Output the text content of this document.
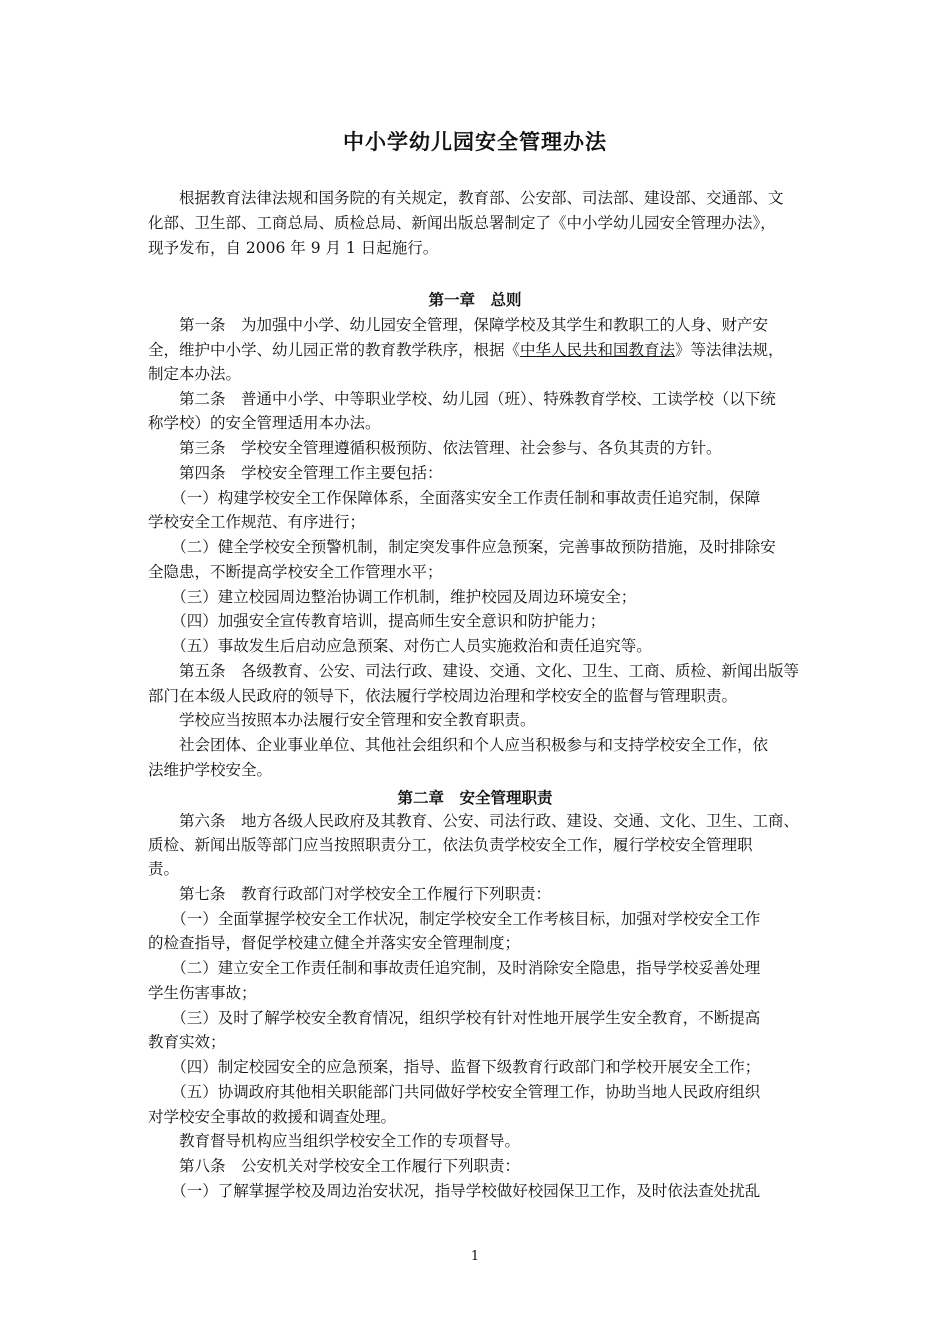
中小学幼儿园安全管理办法
　　根据教育法律法规和国务院的有关规定，教育部、公安部、司法部、建设部、交通部、文
化部、卫生部、工商总局、质检总局、新闻出版总署制定了《中小学幼儿园安全管理办法》，
现予发布，自 2006 年 9 月 1 日起施行。
第一章　总则
　　第一条　为加强中小学、幼儿园安全管理，保障学校及其学生和教职工的人身、财产安
全，维护中小学、幼儿园正常的教育教学秩序，根据《中华人民共和国教育法》等法律法规，
制定本办法。
　　第二条　普通中小学、中等职业学校、幼儿园（班）、特殊教育学校、工读学校（以下统
称学校）的安全管理适用本办法。
　　第三条　学校安全管理遵循积极预防、依法管理、社会参与、各负其责的方针。
　　第四条　学校安全管理工作主要包括：
　　（一）构建学校安全工作保障体系，全面落实安全工作责任制和事故责任追究制，保障
学校安全工作规范、有序进行；
　　（二）健全学校安全预警机制，制定突发事件应急预案，完善事故预防措施，及时排除安
全隐患，不断提高学校安全工作管理水平；
　　（三）建立校园周边整治协调工作机制，维护校园及周边环境安全；
　　（四）加强安全宣传教育培训，提高师生安全意识和防护能力；
　　（五）事故发生后启动应急预案、对伤亡人员实施救治和责任追究等。
　　第五条　各级教育、公安、司法行政、建设、交通、文化、卫生、工商、质检、新闻出版等
部门在本级人民政府的领导下，依法履行学校周边治理和学校安全的监督与管理职责。
　　学校应当按照本办法履行安全管理和安全教育职责。
　　社会团体、企业事业单位、其他社会组织和个人应当积极参与和支持学校安全工作，依
法维护学校安全。
第二章　安全管理职责
　　第六条　地方各级人民政府及其教育、公安、司法行政、建设、交通、文化、卫生、工商、
质检、新闻出版等部门应当按照职责分工，依法负责学校安全工作，履行学校安全管理职
责。
　　第七条　教育行政部门对学校安全工作履行下列职责：
　　（一）全面掌握学校安全工作状况，制定学校安全工作考核目标，加强对学校安全工作
的检查指导，督促学校建立健全并落实安全管理制度；
　　（二）建立安全工作责任制和事故责任追究制，及时消除安全隐患，指导学校妥善处理
学生伤害事故；
　　（三）及时了解学校安全教育情况，组织学校有针对性地开展学生安全教育，不断提高
教育实效；
　　（四）制定校园安全的应急预案，指导、监督下级教育行政部门和学校开展安全工作；
　　（五）协调政府其他相关职能部门共同做好学校安全管理工作，协助当地人民政府组织
对学校安全事故的救援和调查处理。
　　教育督导机构应当组织学校安全工作的专项督导。
　　第八条　公安机关对学校安全工作履行下列职责：
　　（一）了解掌握学校及周边治安状况，指导学校做好校园保卫工作，及时依法查处扰乱
1
